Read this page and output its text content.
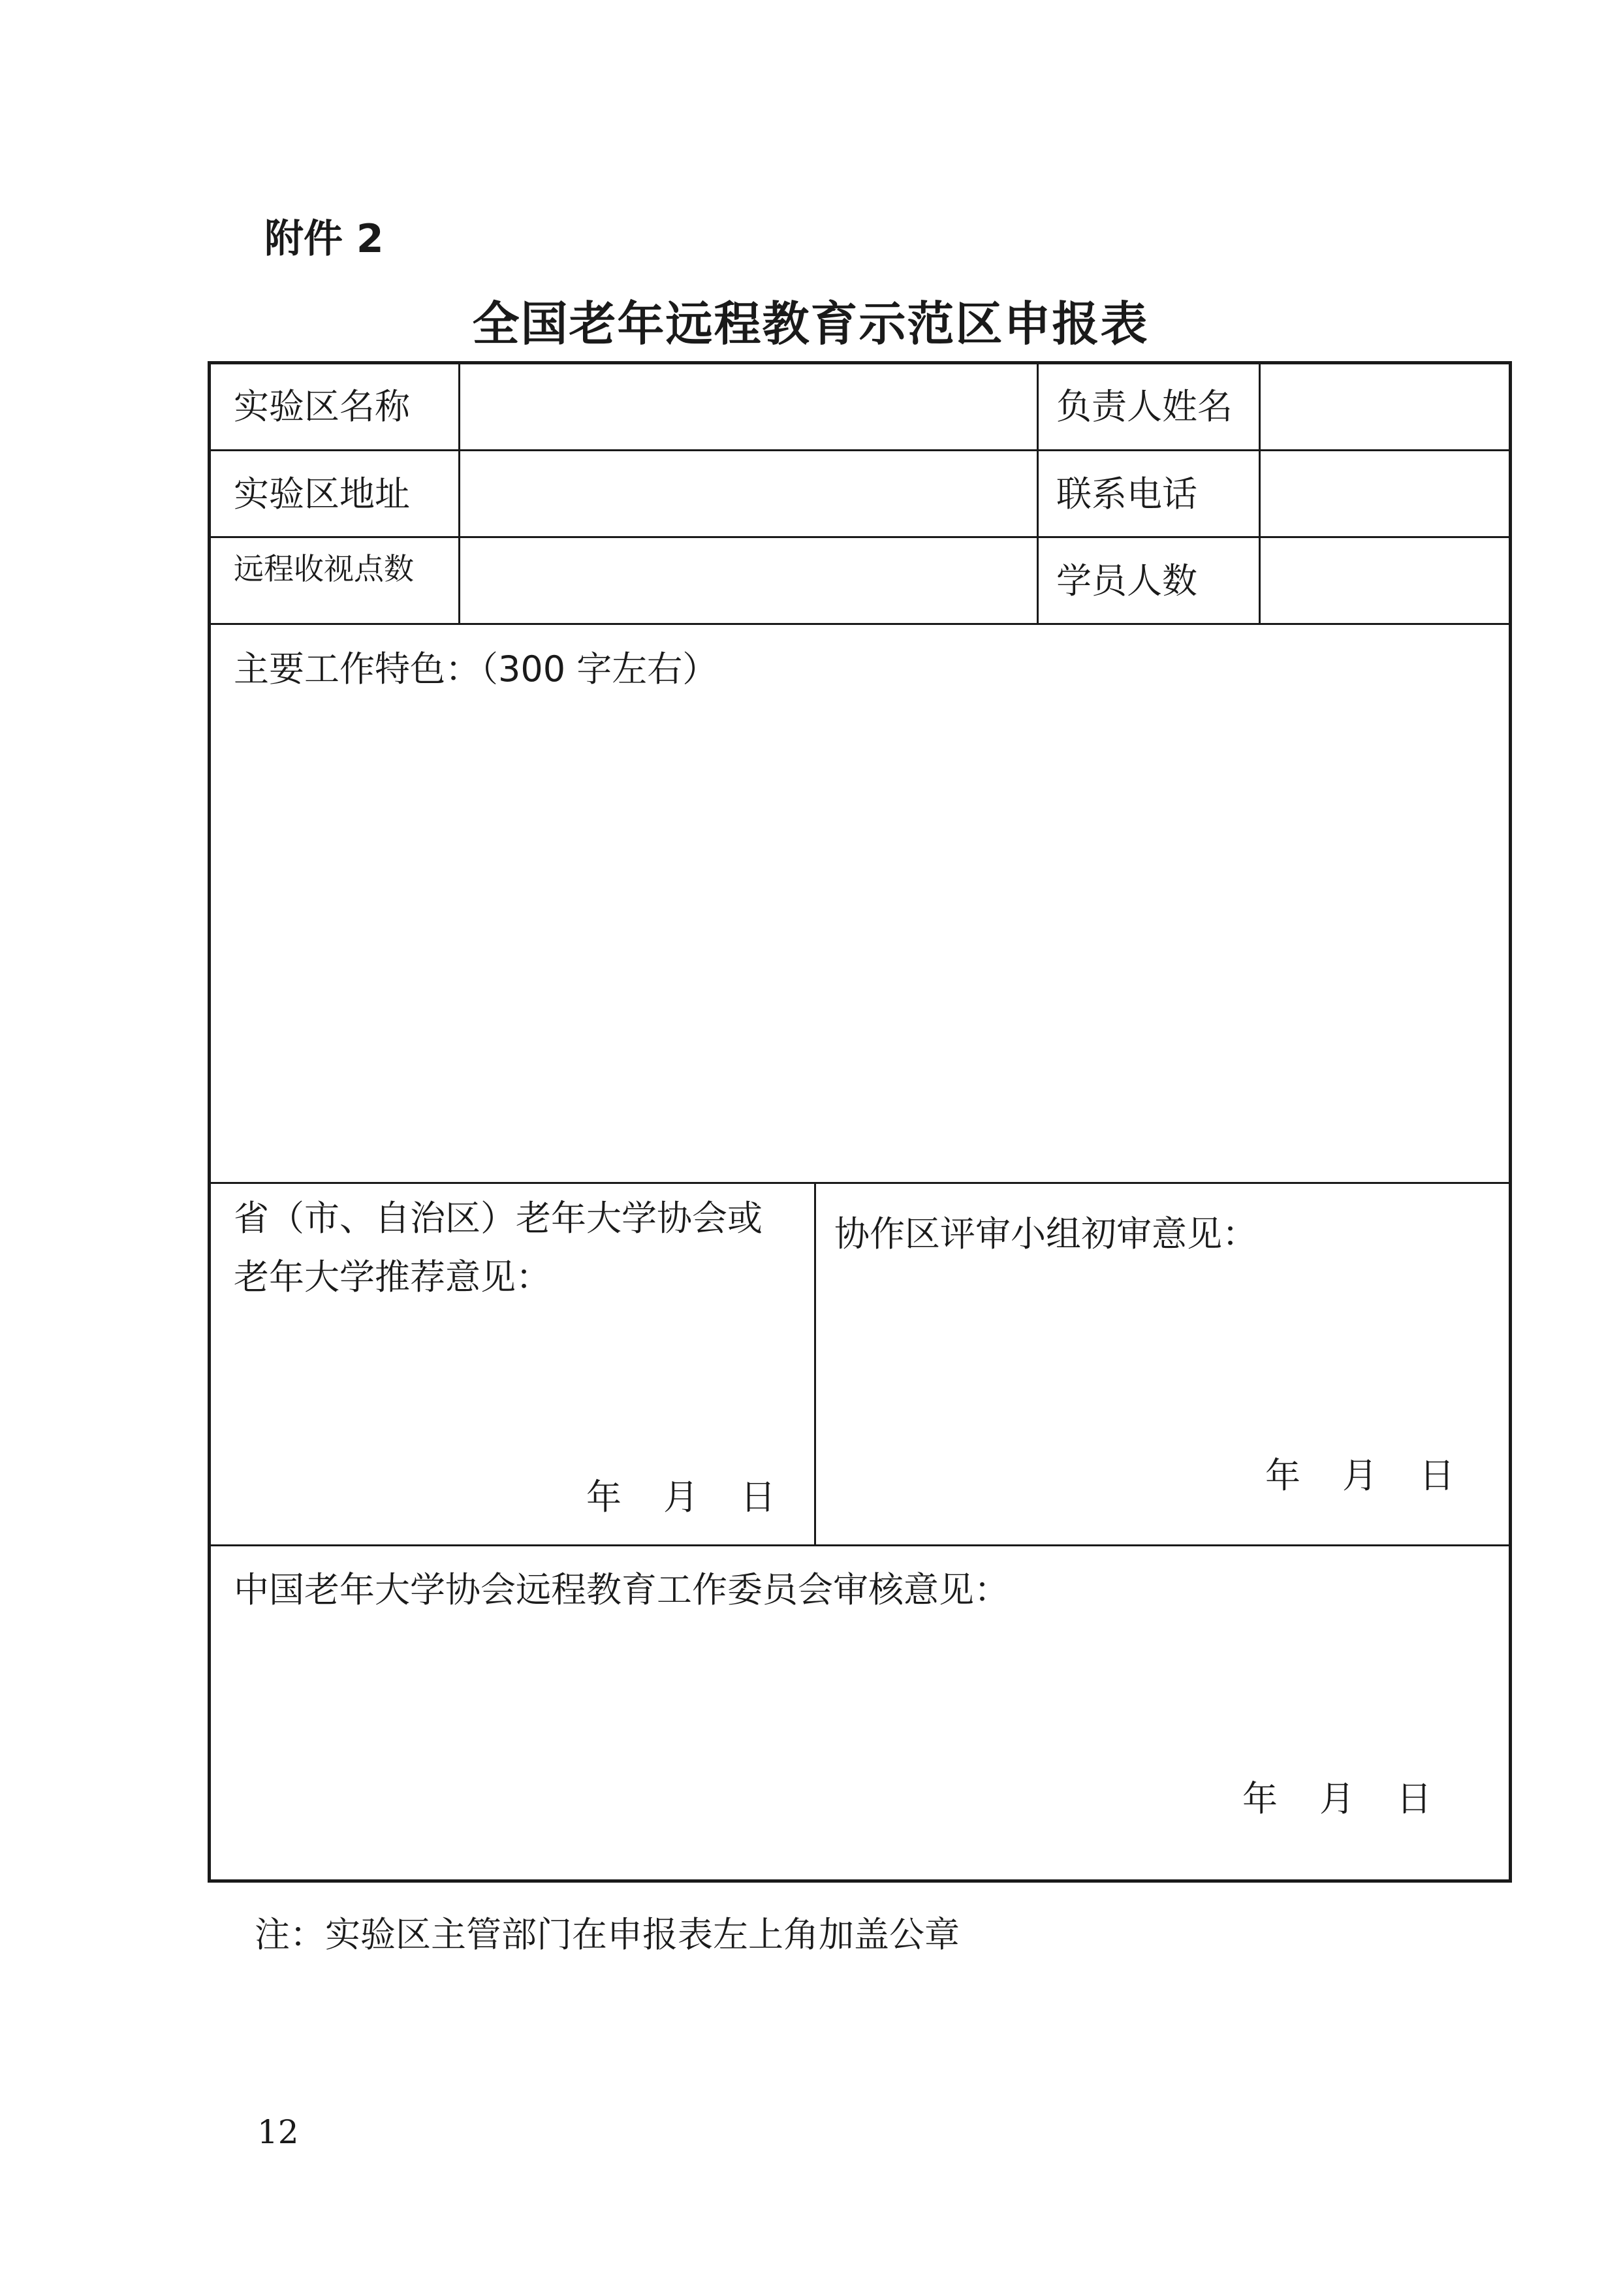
附件 2
全国老年远程教育示范区申报表
实验区名称	负责人姓名
实验区地址	联系电话
远程收视点数	学员人数
主要工作特色：（300 字左右）
省（市、自治区）老年大学协会或
老年大学推荐意见：
年 月 日
协作区评审小组初审意见：
年 月 日
中国老年大学协会远程教育工作委员会审核意见：
年 月 日
注：实验区主管部门在申报表左上角加盖公章
12
